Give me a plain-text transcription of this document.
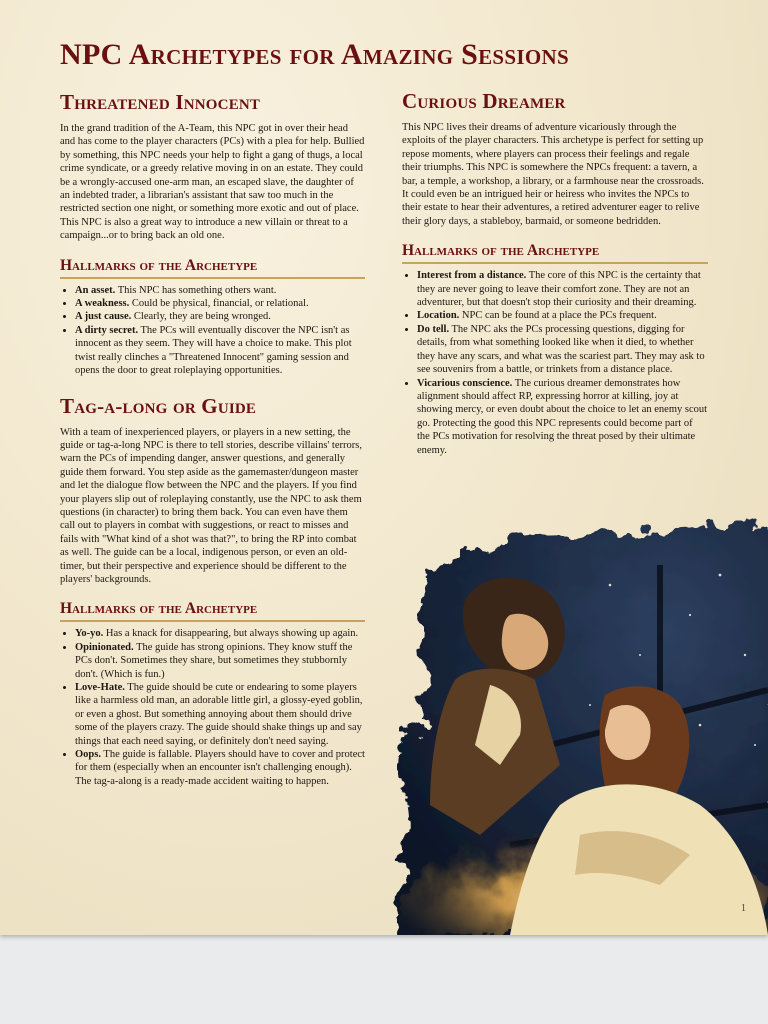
NPC Archetypes for Amazing Sessions
Threatened Innocent

In the grand tradition of the A-Team, this NPC got in over their head and has come to the player characters (PCs) with a plea for help. Bullied by something, this NPC needs your help to fight a gang of thugs, a local crime syndicate, or a greedy relative moving in on an estate. They could be a wrongly-accused one-arm man, an escaped slave, the daughter of an indebted trader, a librarian's assistant that saw too much in the restricted section one night, or something more exotic and out of place. This NPC is also a great way to introduce a new villain or threat to a campaign...or to bring back an old one.

Hallmarks of the Archetype
• An asset. This NPC has something others want.
• A weakness. Could be physical, financial, or relational.
• A just cause. Clearly, they are being wronged.
• A dirty secret. The PCs will eventually discover the NPC isn't as innocent as they seem. They will have a choice to make. This plot twist really clinches a "Threatened Innocent" gaming session and opens the door to great roleplaying opportunities.
Tag-a-long or Guide

With a team of inexperienced players, or players in a new setting, the guide or tag-a-long NPC is there to tell stories, describe villains' terrors, warn the PCs of impending danger, answer questions, and generally guide them forward. You step aside as the gamemaster/dungeon master and let the dialogue flow between the NPC and the players. If you find your players slip out of roleplaying constantly, use the NPC to ask them questions (in character) to bring them back. You can even have them call out to players in combat with suggestions, or react to misses and fails with "What kind of a shot was that?", to bring the RP into combat as well. The guide can be a local, indigenous person, or even an old-timer, but their perspective and experience should be different to the players' backgrounds.

Hallmarks of the Archetype
• Yo-yo. Has a knack for disappearing, but always showing up again.
• Opinionated. The guide has strong opinions. They know stuff the PCs don't. Sometimes they share, but sometimes they stubbornly don't. (Which is fun.)
• Love-Hate. The guide should be cute or endearing to some players like a harmless old man, an adorable little girl, a glossy-eyed goblin, or even a ghost. But something annoying about them should drive some of the players crazy. The guide should shake things up and say things that each need saying, or definitely don't need saying.
• Oops. The guide is fallable. Players should have to cover and protect for them (especially when an encounter isn't challenging enough). The tag-a-along is a ready-made accident waiting to happen.
Curious Dreamer

This NPC lives their dreams of adventure vicariously through the exploits of the player characters. This archetype is perfect for setting up repose moments, where players can process their feelings and regale their triumphs. This NPC is somewhere the NPCs frequent: a tavern, a bar, a temple, a workshop, a library, or a farmhouse near the crossroads. It could even be an intrigued heir or heiress who invites the NPCs to their estate to hear their adventures, a retired adventurer eager to relive their glory days, a stableboy, barmaid, or someone bedridden.

Hallmarks of the Archetype
• Interest from a distance. The core of this NPC is the certainty that they are never going to leave their comfort zone. They are not an adventurer, but that doesn't stop their curiosity and their dreaming.
• Location. NPC can be found at a place the PCs frequent.
• Do tell. The NPC aks the PCs processing questions, digging for details, from what something looked like when it died, to whether they have any scars, and what was the scariest part. They may ask to see souvenirs from a battle, or trinkets from a distance place.
• Vicarious conscience. The curious dreamer demonstrates how alignment should affect RP, expressing horror at killing, joy at showing mercy, or even doubt about the choice to let an enemy scout go. Protecting the good this NPC represents could become part of the PCs motivation for resolving the threat posed by their ultimate enemy.
1
